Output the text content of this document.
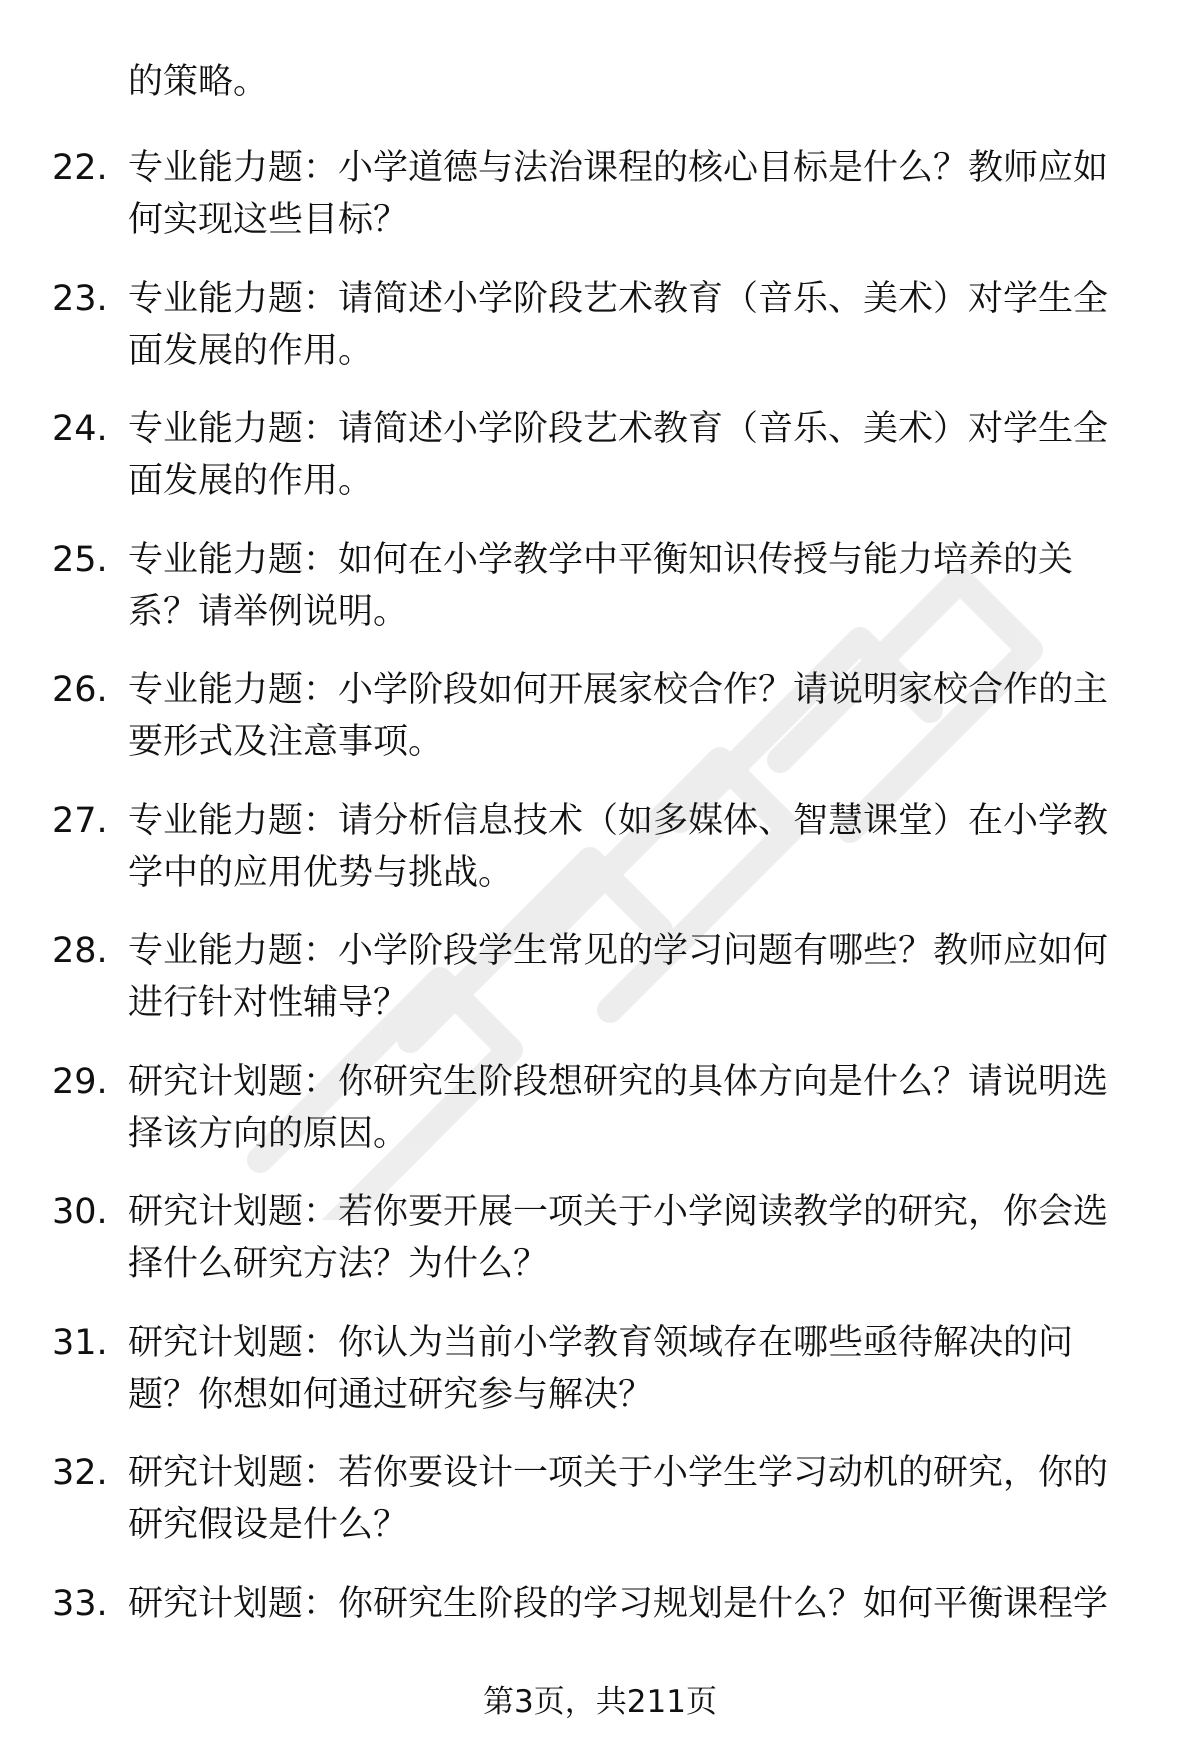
的策略。

22. 专业能力题：小学道德与法治课程的核心目标是什么？教师应如
何实现这些目标？
23. 专业能力题：请简述小学阶段艺术教育（音乐、美术）对学生全
面发展的作用。
24. 专业能力题：请简述小学阶段艺术教育（音乐、美术）对学生全
面发展的作用。
25. 专业能力题：如何在小学教学中平衡知识传授与能力培养的关
系？请举例说明。
26. 专业能力题：小学阶段如何开展家校合作？请说明家校合作的主
要形式及注意事项。
27. 专业能力题：请分析信息技术（如多媒体、智慧课堂）在小学教
学中的应用优势与挑战。
28. 专业能力题：小学阶段学生常见的学习问题有哪些？教师应如何
进行针对性辅导？
29. 研究计划题：你研究生阶段想研究的具体方向是什么？请说明选
择该方向的原因。
30. 研究计划题：若你要开展一项关于小学阅读教学的研究，你会选
择什么研究方法？为什么？
31. 研究计划题：你认为当前小学教育领域存在哪些亟待解决的问
题？你想如何通过研究参与解决？
32. 研究计划题：若你要设计一项关于小学生学习动机的研究，你的
研究假设是什么？
33. 研究计划题：你研究生阶段的学习规划是什么？如何平衡课程学
第3页，共211页
